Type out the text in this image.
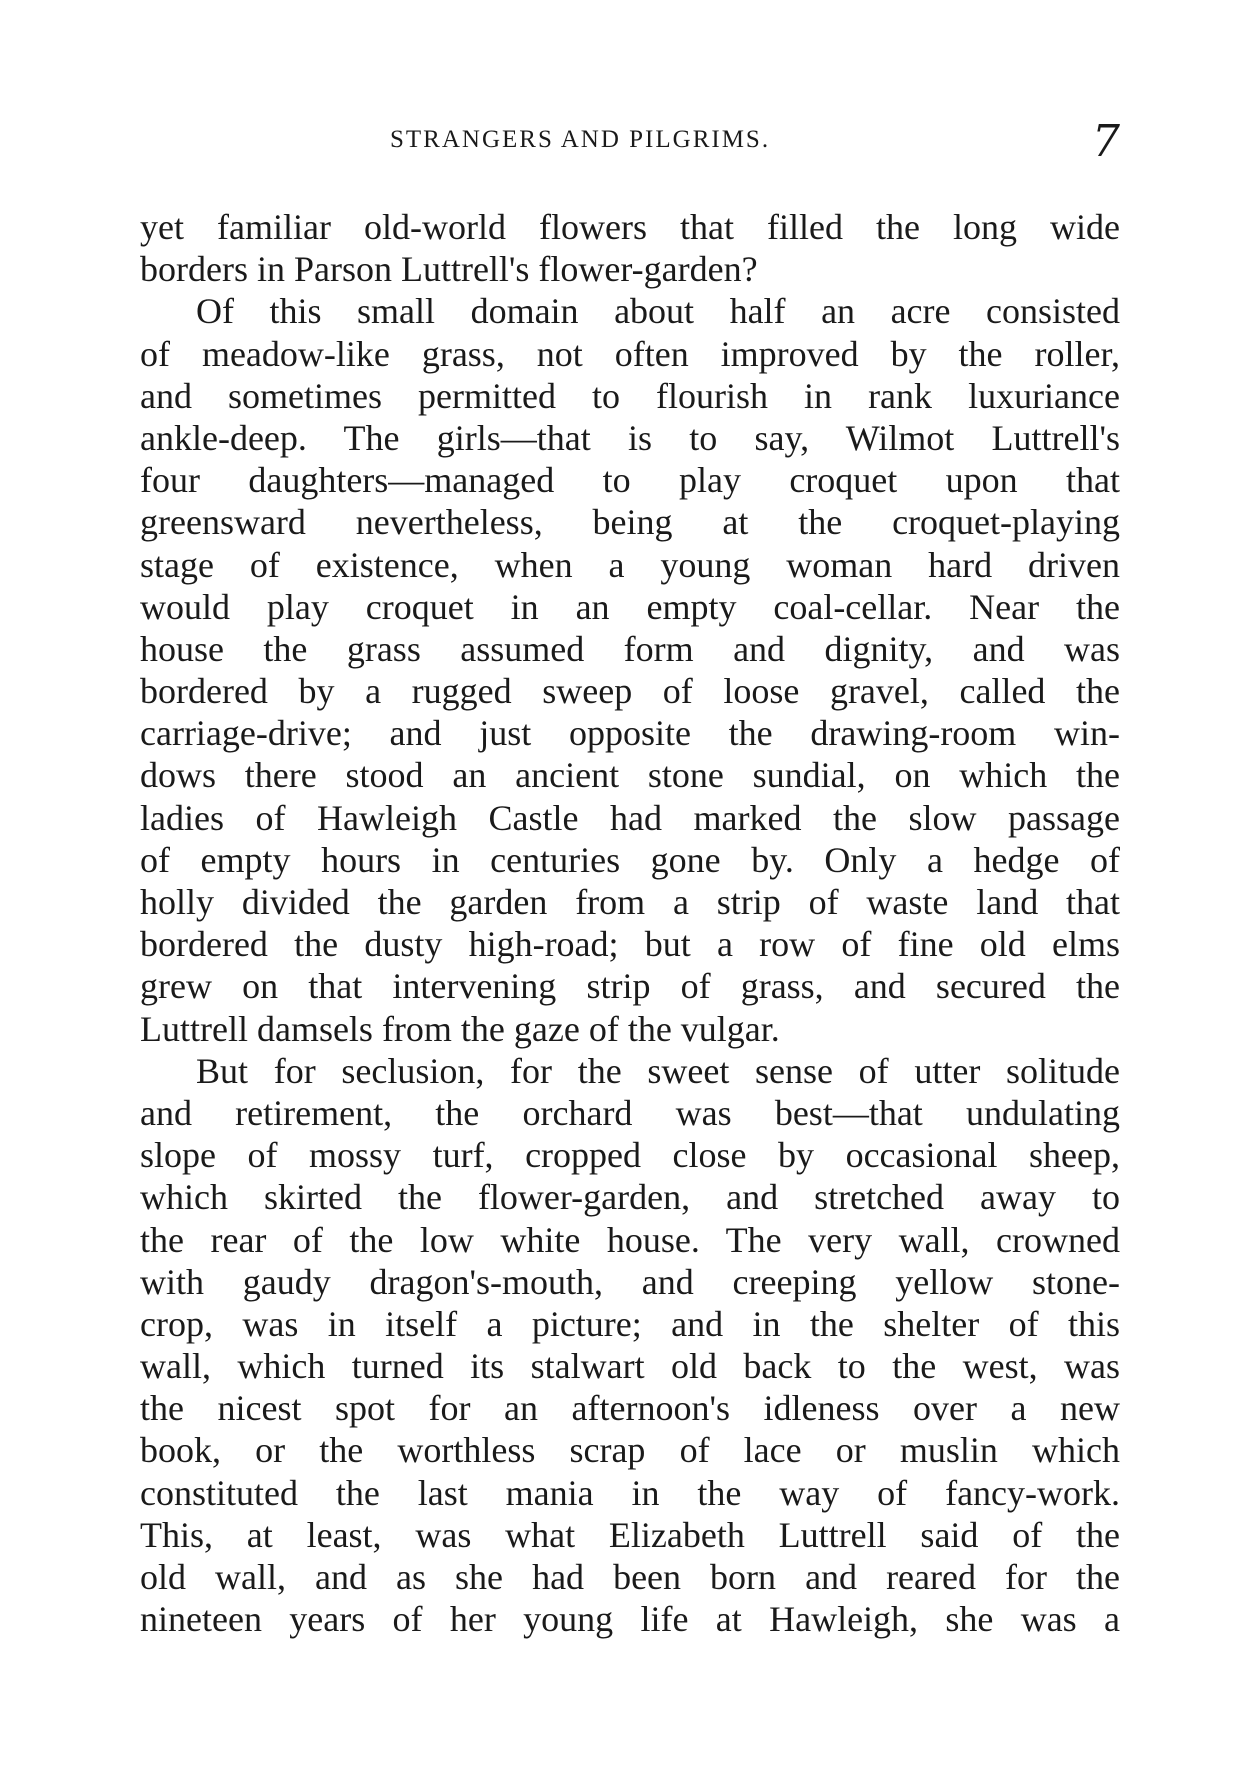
STRANGERS AND PILGRIMS.	7
yet familiar old-world flowers that filled the long wide
borders in Parson Luttrell's flower-garden?
Of this small domain about half an acre consisted
of meadow-like grass, not often improved by the roller,
and sometimes permitted to flourish in rank luxuriance
ankle-deep. The girls—that is to say, Wilmot Luttrell's
four daughters—managed to play croquet upon that
greensward nevertheless, being at the croquet-playing
stage of existence, when a young woman hard driven
would play croquet in an empty coal-cellar. Near the
house the grass assumed form and dignity, and was
bordered by a rugged sweep of loose gravel, called the
carriage-drive; and just opposite the drawing-room win-
dows there stood an ancient stone sundial, on which the
ladies of Hawleigh Castle had marked the slow passage
of empty hours in centuries gone by. Only a hedge of
holly divided the garden from a strip of waste land that
bordered the dusty high-road; but a row of fine old elms
grew on that intervening strip of grass, and secured the
Luttrell damsels from the gaze of the vulgar.
But for seclusion, for the sweet sense of utter solitude
and retirement, the orchard was best—that undulating
slope of mossy turf, cropped close by occasional sheep,
which skirted the flower-garden, and stretched away to
the rear of the low white house. The very wall, crowned
with gaudy dragon's-mouth, and creeping yellow stone-
crop, was in itself a picture; and in the shelter of this
wall, which turned its stalwart old back to the west, was
the nicest spot for an afternoon's idleness over a new
book, or the worthless scrap of lace or muslin which
constituted the last mania in the way of fancy-work.
This, at least, was what Elizabeth Luttrell said of the
old wall, and as she had been born and reared for the
nineteen years of her young life at Hawleigh, she was a
